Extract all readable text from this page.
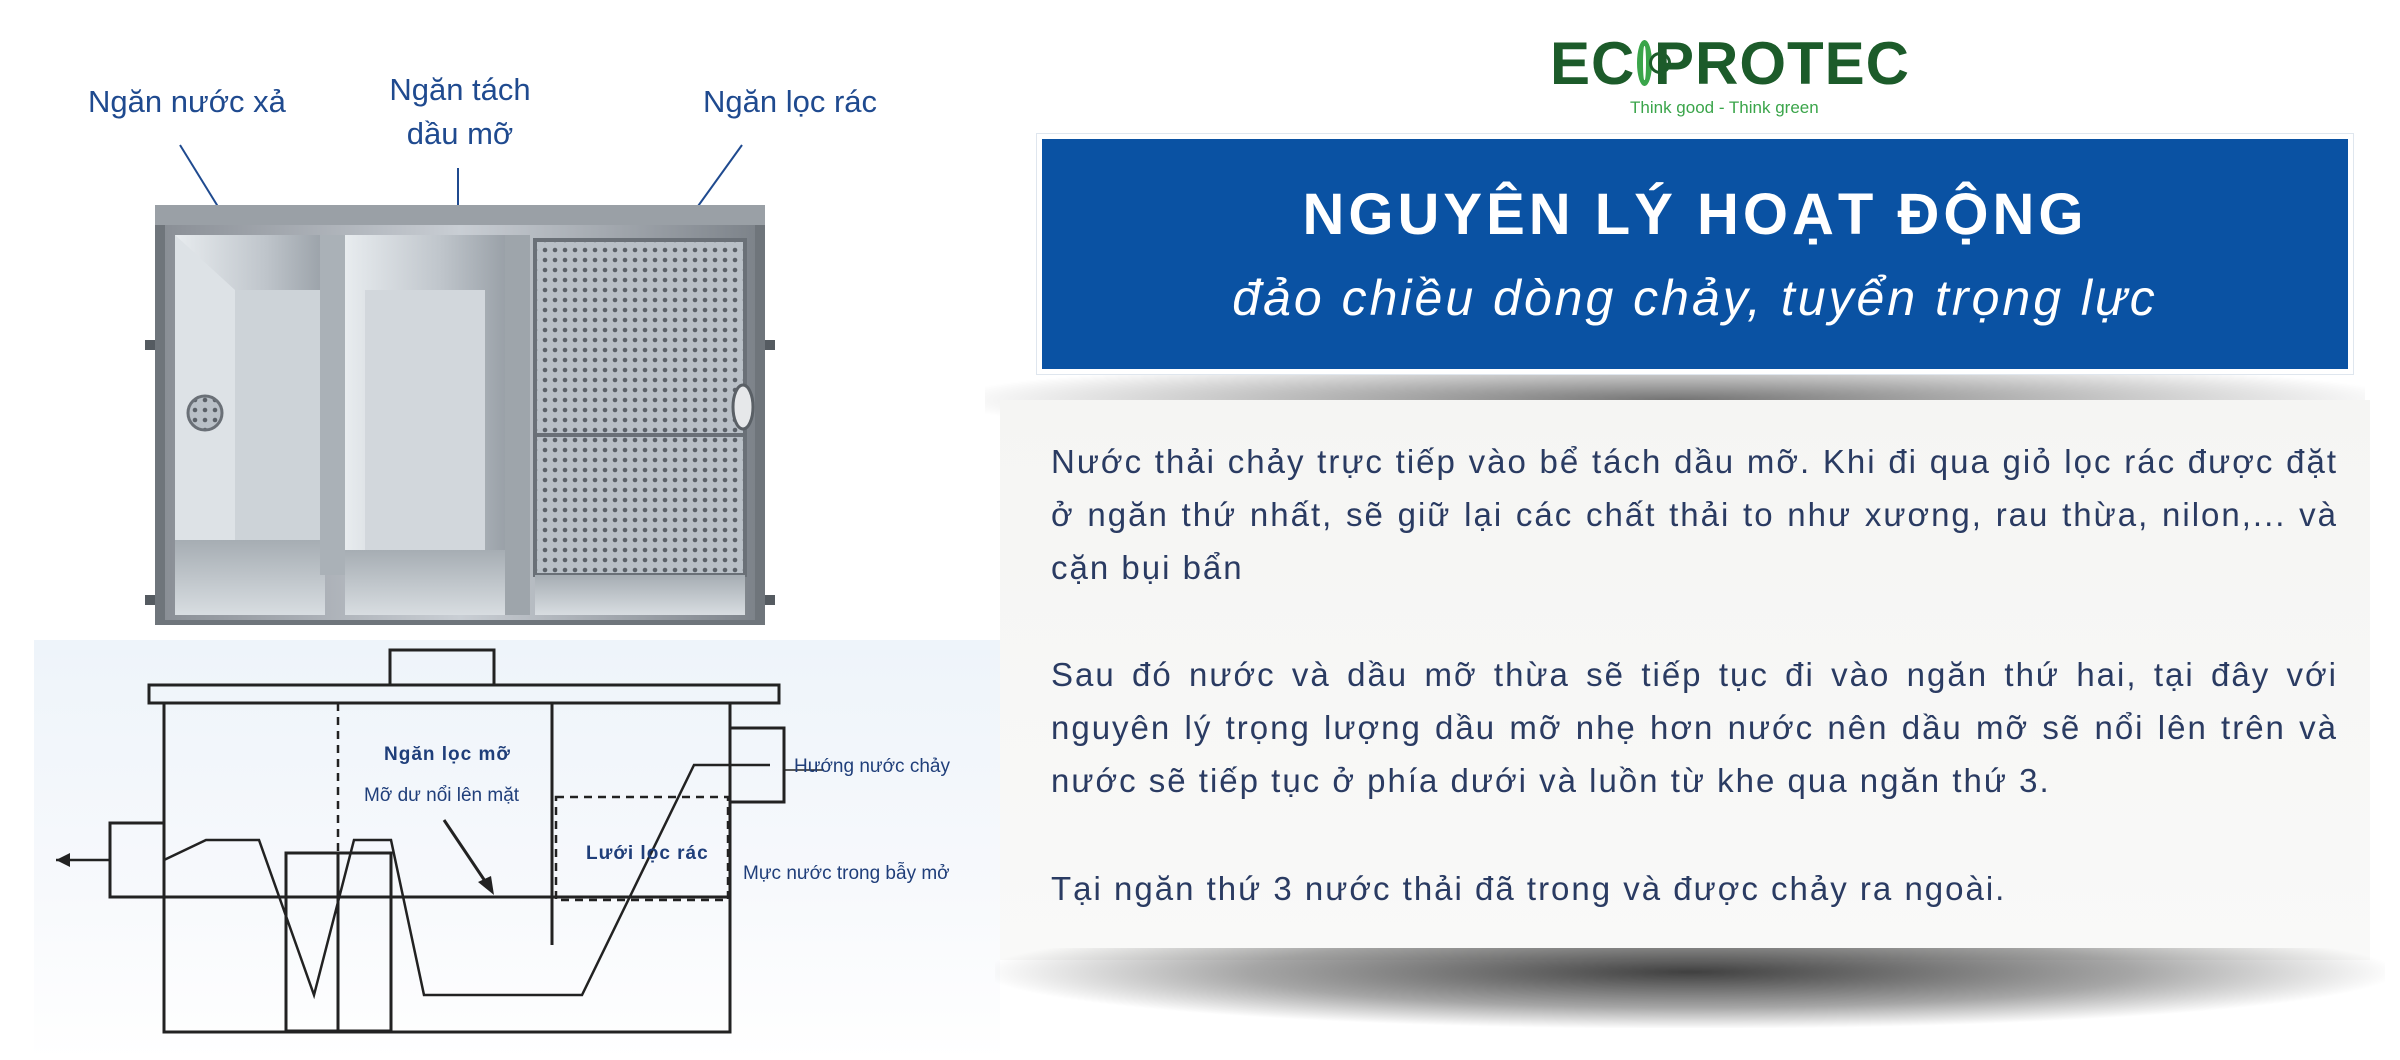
Ngăn nước xả	Ngăn tách
dầu mỡ
Ngăn lọc rác
Ngăn lọc mỡ
Mỡ dư nổi lên mặt
Lưới lọc rác
Hướng nước chảy
Mực nước trong bẫy mở
EC PROTEC
Think good - Think green
NGUYÊN LÝ HOẠT ĐỘNG
đảo chiều dòng chảy, tuyển trọng lực
Nước thải chảy trực tiếp vào bể tách dầu mỡ. Khi đi qua giỏ lọc rác được đặt ở ngăn thứ nhất, sẽ giữ lại các chất thải to như xương, rau thừa, nilon,... và cặn bụi bẩn
Sau đó nước và dầu mỡ thừa sẽ tiếp tục đi vào ngăn thứ hai, tại đây với nguyên lý trọng lượng dầu mỡ nhẹ hơn nước nên dầu mỡ sẽ nổi lên trên và nước sẽ tiếp tục ở phía dưới và luồn từ khe qua ngăn thứ 3.
Tại ngăn thứ 3 nước thải đã trong và được chảy ra ngoài.
